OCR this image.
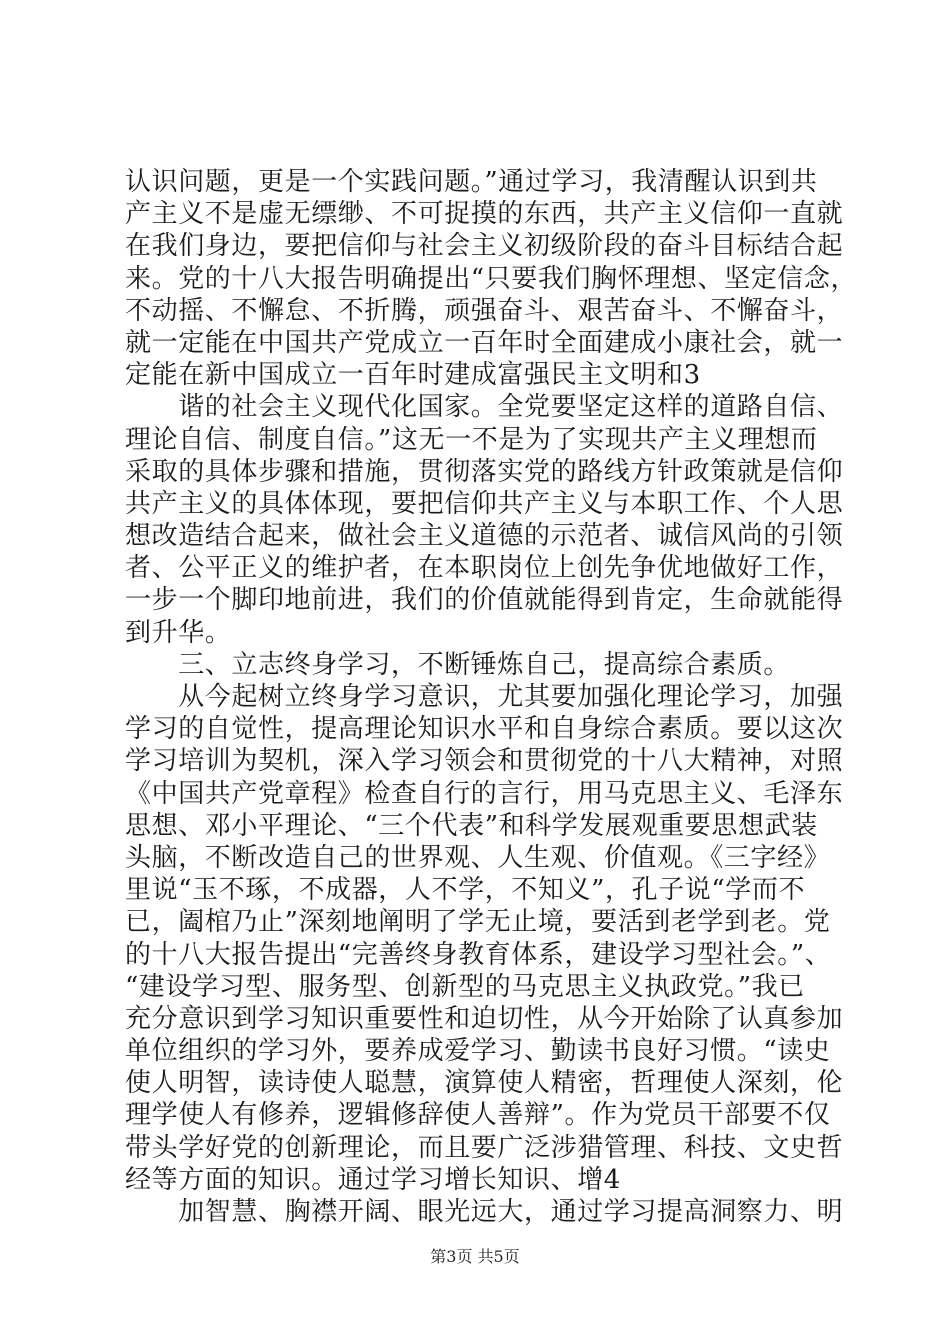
认识问题，更是一个实践问题。”通过学习，我清醒认识到共
产主义不是虚无缥缈、不可捉摸的东西，共产主义信仰一直就
在我们身边，要把信仰与社会主义初级阶段的奋斗目标结合起
来。党的十八大报告明确提出“只要我们胸怀理想、坚定信念，
不动摇、不懈怠、不折腾，顽强奋斗、艰苦奋斗、不懈奋斗，
就一定能在中国共产党成立一百年时全面建成小康社会，就一
定能在新中国成立一百年时建成富强民主文明和3
　　谐的社会主义现代化国家。全党要坚定这样的道路自信、
理论自信、制度自信。”这无一不是为了实现共产主义理想而
采取的具体步骤和措施，贯彻落实党的路线方针政策就是信仰
共产主义的具体体现，要把信仰共产主义与本职工作、个人思
想改造结合起来，做社会主义道德的示范者、诚信风尚的引领
者、公平正义的维护者，在本职岗位上创先争优地做好工作，
一步一个脚印地前进，我们的价值就能得到肯定，生命就能得
到升华。
　　三、立志终身学习，不断锤炼自己，提高综合素质。
　　从今起树立终身学习意识，尤其要加强化理论学习，加强
学习的自觉性，提高理论知识水平和自身综合素质。要以这次
学习培训为契机，深入学习领会和贯彻党的十八大精神，对照
《中国共产党章程》检查自行的言行，用马克思主义、毛泽东
思想、邓小平理论、“三个代表”和科学发展观重要思想武装
头脑，不断改造自己的世界观、人生观、价值观。《三字经》
里说“玉不琢，不成器，人不学，不知义”，孔子说“学而不
已，阖棺乃止”深刻地阐明了学无止境，要活到老学到老。党
的十八大报告提出“完善终身教育体系，建设学习型社会。”、
“建设学习型、服务型、创新型的马克思主义执政党。”我已
充分意识到学习知识重要性和迫切性，从今开始除了认真参加
单位组织的学习外，要养成爱学习、勤读书良好习惯。“读史
使人明智，读诗使人聪慧，演算使人精密，哲理使人深刻，伦
理学使人有修养，逻辑修辞使人善辩”。作为党员干部要不仅
带头学好党的创新理论，而且要广泛涉猎管理、科技、文史哲
经等方面的知识。通过学习增长知识、增4
　　加智慧、胸襟开阔、眼光远大，通过学习提高洞察力、明
第3页 共5页
